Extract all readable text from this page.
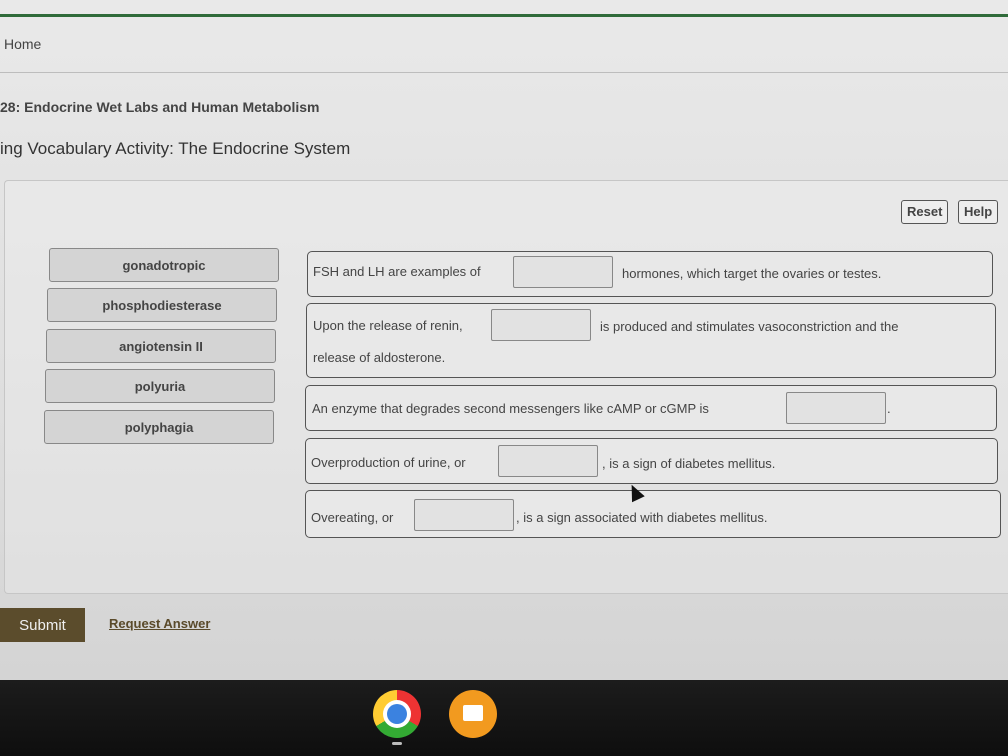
Home
28: Endocrine Wet Labs and Human Metabolism
ing Vocabulary Activity: The Endocrine System
Reset	Help
gonadotropic
phosphodiesterase
angiotensin II
polyuria
polyphagia
FSH and LH are examples of	hormones, which target the ovaries or testes.
Upon the release of renin,	is produced and stimulates vasoconstriction and the
release of aldosterone.
An enzyme that degrades second messengers like cAMP or cGMP is	.
Overproduction of urine, or	, is a sign of diabetes mellitus.
Overeating, or	, is a sign associated with diabetes mellitus.
Submit	Request Answer
